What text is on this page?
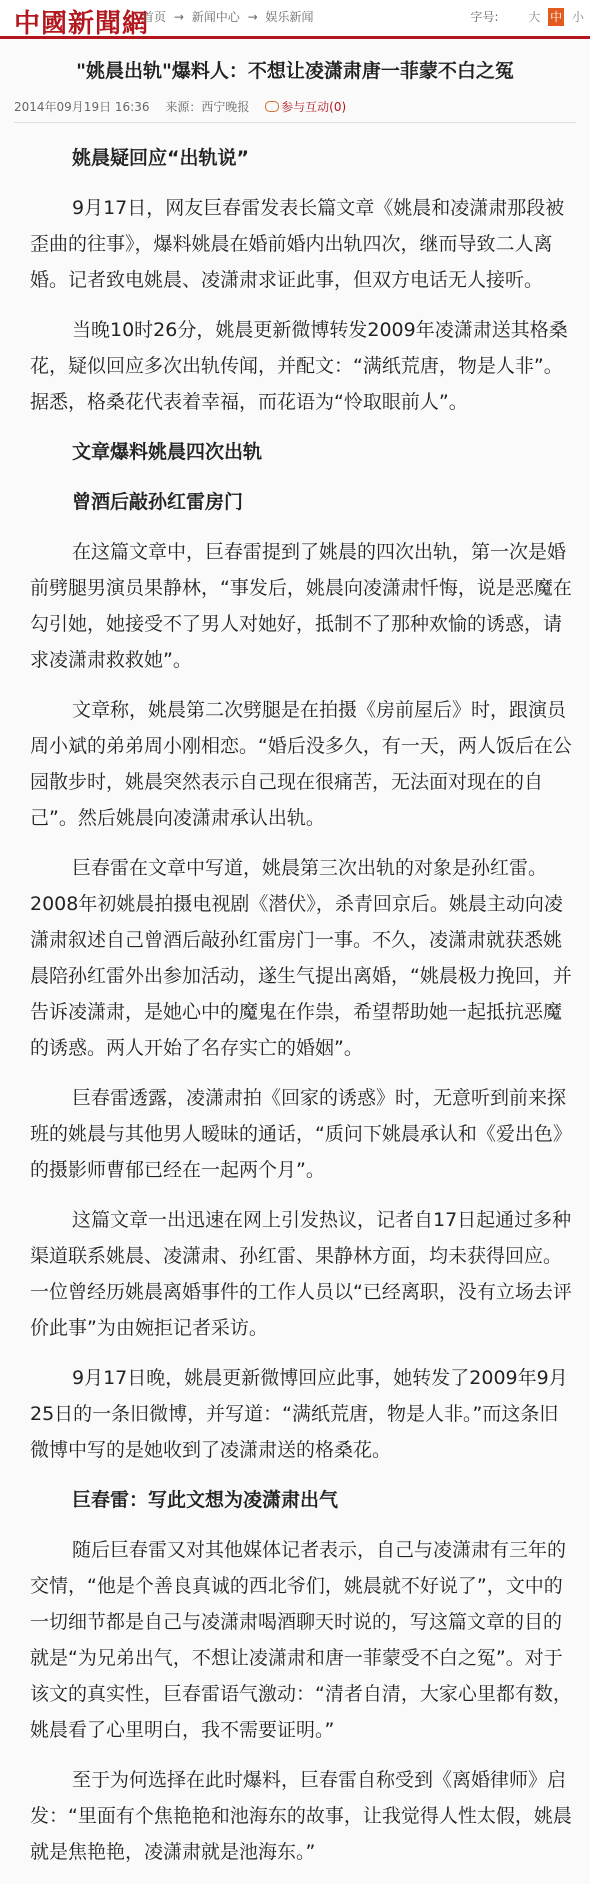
中國新聞網
首页 → 新闻中心 → 娱乐新闻	字号: 大 中 小
"姚晨出轨"爆料人：不想让凌潇肃唐一菲蒙不白之冤
2014年09月19日 16:36 来源：西宁晚报	参与互动(0)
姚晨疑回应“出轨说”

9月17日，网友巨春雷发表长篇文章《姚晨和凌潇肃那段被歪曲的往事》，爆料姚晨在婚前婚内出轨四次，继而导致二人离婚。记者致电姚晨、凌潇肃求证此事，但双方电话无人接听。

当晚10时26分，姚晨更新微博转发2009年凌潇肃送其格桑花，疑似回应多次出轨传闻，并配文：“满纸荒唐，物是人非”。据悉，格桑花代表着幸福，而花语为“怜取眼前人”。

文章爆料姚晨四次出轨
曾酒后敲孙红雷房门

在这篇文章中，巨春雷提到了姚晨的四次出轨，第一次是婚前劈腿男演员果静林，“事发后，姚晨向凌潇肃忏悔，说是恶魔在勾引她，她接受不了男人对她好，抵制不了那种欢愉的诱惑，请求凌潇肃救救她”。

文章称，姚晨第二次劈腿是在拍摄《房前屋后》时，跟演员周小斌的弟弟周小刚相恋。“婚后没多久，有一天，两人饭后在公园散步时，姚晨突然表示自己现在很痛苦，无法面对现在的自己”。然后姚晨向凌潇肃承认出轨。

巨春雷在文章中写道，姚晨第三次出轨的对象是孙红雷。 2008年初姚晨拍摄电视剧《潜伏》，杀青回京后。姚晨主动向凌潇肃叙述自己曾酒后敲孙红雷房门一事。不久，凌潇肃就获悉姚晨陪孙红雷外出参加活动，遂生气提出离婚，“姚晨极力挽回，并告诉凌潇肃，是她心中的魔鬼在作祟，希望帮助她一起抵抗恶魔的诱惑。两人开始了名存实亡的婚姻”。

巨春雷透露，凌潇肃拍《回家的诱惑》时，无意听到前来探班的姚晨与其他男人暧昧的通话，“质问下姚晨承认和《爱出色》的摄影师曹郁已经在一起两个月”。

这篇文章一出迅速在网上引发热议，记者自17日起通过多种渠道联系姚晨、凌潇肃、孙红雷、果静林方面，均未获得回应。一位曾经历姚晨离婚事件的工作人员以“已经离职，没有立场去评价此事”为由婉拒记者采访。

9月17日晚，姚晨更新微博回应此事，她转发了2009年9月25日的一条旧微博，并写道：“满纸荒唐，物是人非。”而这条旧微博中写的是她收到了凌潇肃送的格桑花。

巨春雷：写此文想为凌潇肃出气

随后巨春雷又对其他媒体记者表示，自己与凌潇肃有三年的交情，“他是个善良真诚的西北爷们，姚晨就不好说了”，文中的一切细节都是自己与凌潇肃喝酒聊天时说的，写这篇文章的目的就是“为兄弟出气，不想让凌潇肃和唐一菲蒙受不白之冤”。对于该文的真实性，巨春雷语气激动：“清者自清，大家心里都有数，姚晨看了心里明白，我不需要证明。”

至于为何选择在此时爆料，巨春雷自称受到《离婚律师》启发：“里面有个焦艳艳和池海东的故事，让我觉得人性太假，姚晨就是焦艳艳，凌潇肃就是池海东。”
